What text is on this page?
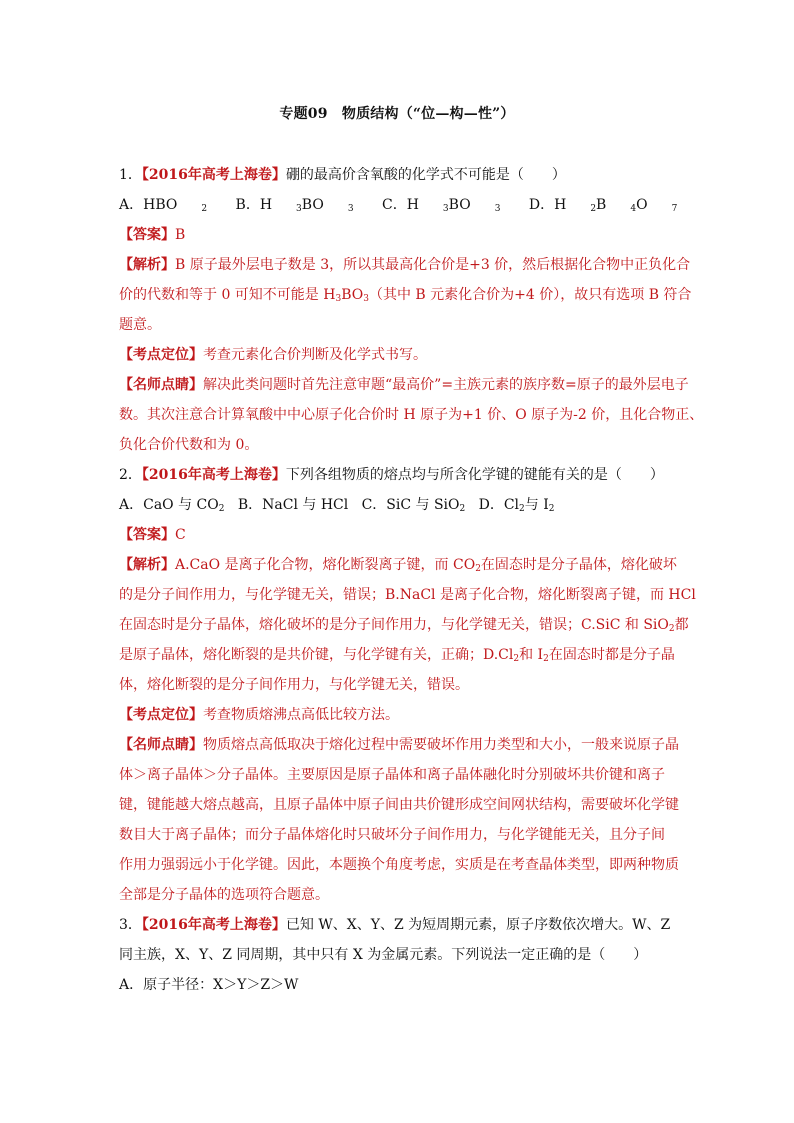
专题09　物质结构（“位—构—性”）
1．【2016年高考上海卷】硼的最高价含氧酸的化学式不可能是（　　）
A．HBO	$_2$ B．H	$_3$BO	$_3$ C．H	$_3$BO	$_3$ D．H	$_2$B	$_4$O	$_7$
【答案】B
【解析】B 原子最外层电子数是 3，所以其最高化合价是+3 价，然后根据化合物中正负化合
价的代数和等于 0 可知不可能是 $H_3BO_3$（其中 B 元素化合价为+4 价），故只有选项 B 符合
题意。
【考点定位】考查元素化合价判断及化学式书写。
【名师点睛】解决此类问题时首先注意审题“最高价”=主族元素的族序数=原子的最外层电子
数。其次注意合计算氧酸中中心原子化合价时 H 原子为+1 价、O 原子为-2 价，且化合物正、
负化合价代数和为 0。
2．【2016年高考上海卷】下列各组物质的熔点均与所含化学键的键能有关的是（　　）
A．CaO 与 $CO_2$ B．NaCl 与 HCl C．SiC 与 SiO$_2$ D．$Cl_2$与 $I_2$
【答案】C
【解析】A.CaO 是离子化合物，熔化断裂离子键，而 $CO_2$在固态时是分子晶体，熔化破坏
的是分子间作用力，与化学键无关，错误；B.NaCl 是离子化合物，熔化断裂离子键，而 HCl
在固态时是分子晶体，熔化破坏的是分子间作用力，与化学键无关，错误；C.SiC 和 SiO$_2$都
是原子晶体，熔化断裂的是共价键，与化学键有关，正确；$D.Cl_2$和 $I_2$在固态时都是分子晶
体，熔化断裂的是分子间作用力，与化学键无关，错误。
【考点定位】考查物质熔沸点高低比较方法。
【名师点睛】物质熔点高低取决于熔化过程中需要破坏作用力类型和大小，一般来说原子晶
体＞离子晶体＞分子晶体。主要原因是原子晶体和离子晶体融化时分别破坏共价键和离子
键，键能越大熔点越高，且原子晶体中原子间由共价键形成空间网状结构，需要破坏化学键
数目大于离子晶体；而分子晶体熔化时只破坏分子间作用力，与化学键能无关，且分子间
作用力强弱远小于化学键。因此，本题换个角度考虑，实质是在考查晶体类型，即两种物质
全部是分子晶体的选项符合题意。
3．【2016年高考上海卷】已知 W、X、Y、Z 为短周期元素，原子序数依次增大。W、Z
同主族，X、Y、Z 同周期，其中只有 X 为金属元素。下列说法一定正确的是（　　）
A．原子半径：X＞Y＞Z＞W
